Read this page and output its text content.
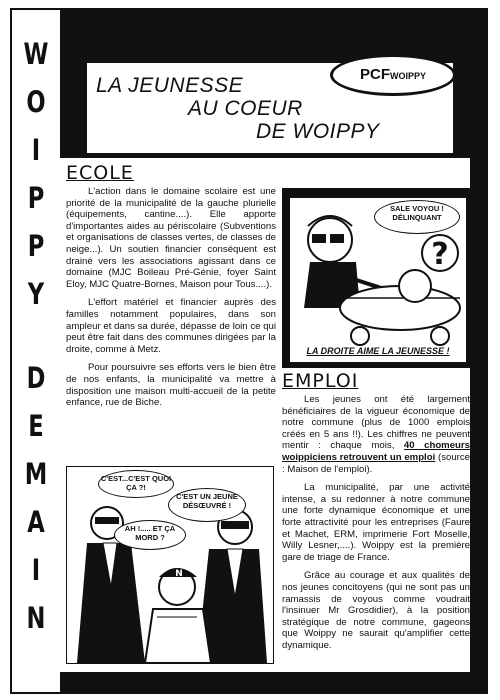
W
O
I
P
P
Y
D
E
M
A
I
N
LA JEUNESSE
AU COEUR
DE WOIPPY
PCFWOIPPY
ECOLE

L'action dans le domaine scolaire est une priorité de la municipalité de la gauche plurielle (équipements, cantine....). Elle apporte d'importantes aides au périscolaire (Subventions et organisations de classes vertes, de classes de neige...). Un soutien financier conséquent est drainé vers les associations agissant dans ce domaine (MJC Boileau Pré-Génie, foyer Saint Eloy, MJC Quatre-Bornes, Maison pour Tous....).

L'effort matériel et financier auprès des familles notamment populaires, dans son ampleur et dans sa durée, dépasse de loin ce qui peut être fait dans des communes dirigées par la droite, comme à Metz.

Pour poursuivre ses efforts vers le bien être de nos enfants, la municipalité va mettre à disposition une maison multi-accueil de la petite enfance, rue de Biche.

?
SALE VOYOU ! DÉLINQUANT
LA DROITE AIME LA JEUNESSE !
EMPLOI

Les jeunes ont été largement bénéficiaires de la vigueur économique de notre commune (plus de 1000 emplois créés en 5 ans !!). Les chiffres ne peuvent mentir : chaque mois, 40 chomeurs woippiciens retrouvent un emploi (source : Maison de l'emploi).

La municipalité, par une activité intense, a su redonner à notre commune une forte dynamique économique et une forte attractivité pour les entreprises (Faure et Machet, ERM, imprimerie Fort Moselle, Willy Lesner,....). Woippy est la première gare de triage de France.

Grâce au courage et aux qualités de nos jeunes concitoyens (qui ne sont pas un ramassis de voyous comme voudrait l'insinuer Mr Grosdidier), à la position stratégique de notre commune, gageons que Woippy ne saurait qu'amplifier cette dynamique.

N
C'EST...C'EST QUOI ÇA ?!
C'EST UN JEUNE DÉSŒUVRÉ !
AH !..... ET ÇA MORD ?
